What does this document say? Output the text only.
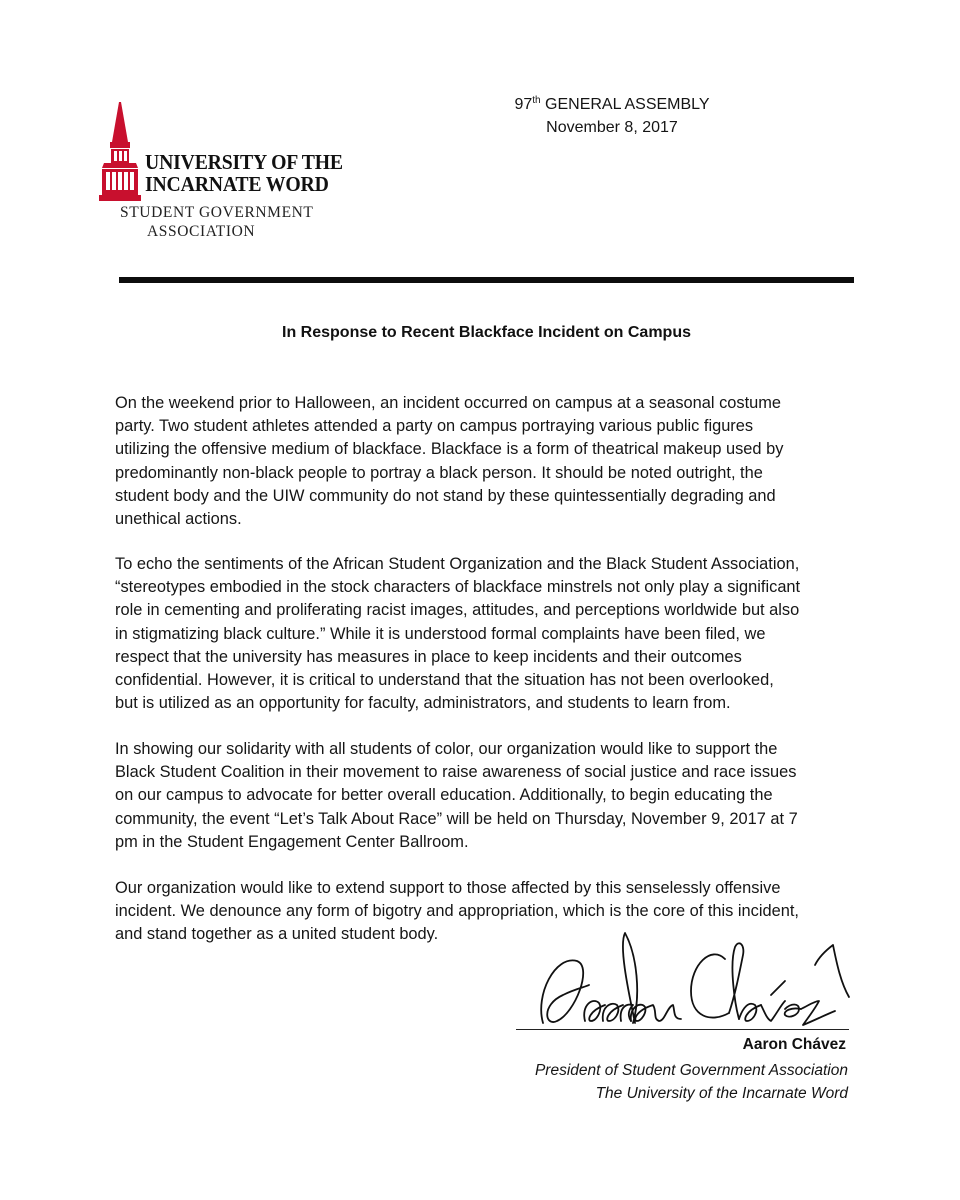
UNIVERSITY OF THE
INCARNATE WORD
STUDENT GOVERNMENT
ASSOCIATION
97th GENERAL ASSEMBLY
November 8, 2017
In Response to Recent Blackface Incident on Campus
On the weekend prior to Halloween, an incident occurred on campus at a seasonal costume
party. Two student athletes attended a party on campus portraying various public figures
utilizing the offensive medium of blackface. Blackface is a form of theatrical makeup used by
predominantly non-black people to portray a black person. It should be noted outright, the
student body and the UIW community do not stand by these quintessentially degrading and
unethical actions.
To echo the sentiments of the African Student Organization and the Black Student Association,
“stereotypes embodied in the stock characters of blackface minstrels not only play a significant
role in cementing and proliferating racist images, attitudes, and perceptions worldwide but also
in stigmatizing black culture.” While it is understood formal complaints have been filed, we
respect that the university has measures in place to keep incidents and their outcomes
confidential. However, it is critical to understand that the situation has not been overlooked,
but is utilized as an opportunity for faculty, administrators, and students to learn from.
In showing our solidarity with all students of color, our organization would like to support the
Black Student Coalition in their movement to raise awareness of social justice and race issues
on our campus to advocate for better overall education. Additionally, to begin educating the
community, the event “Let’s Talk About Race” will be held on Thursday, November 9, 2017 at 7
pm in the Student Engagement Center Ballroom.
Our organization would like to extend support to those affected by this senselessly offensive
incident. We denounce any form of bigotry and appropriation, which is the core of this incident,
and stand together as a united student body.
Aaron Chávez
President of Student Government Association
The University of the Incarnate Word
